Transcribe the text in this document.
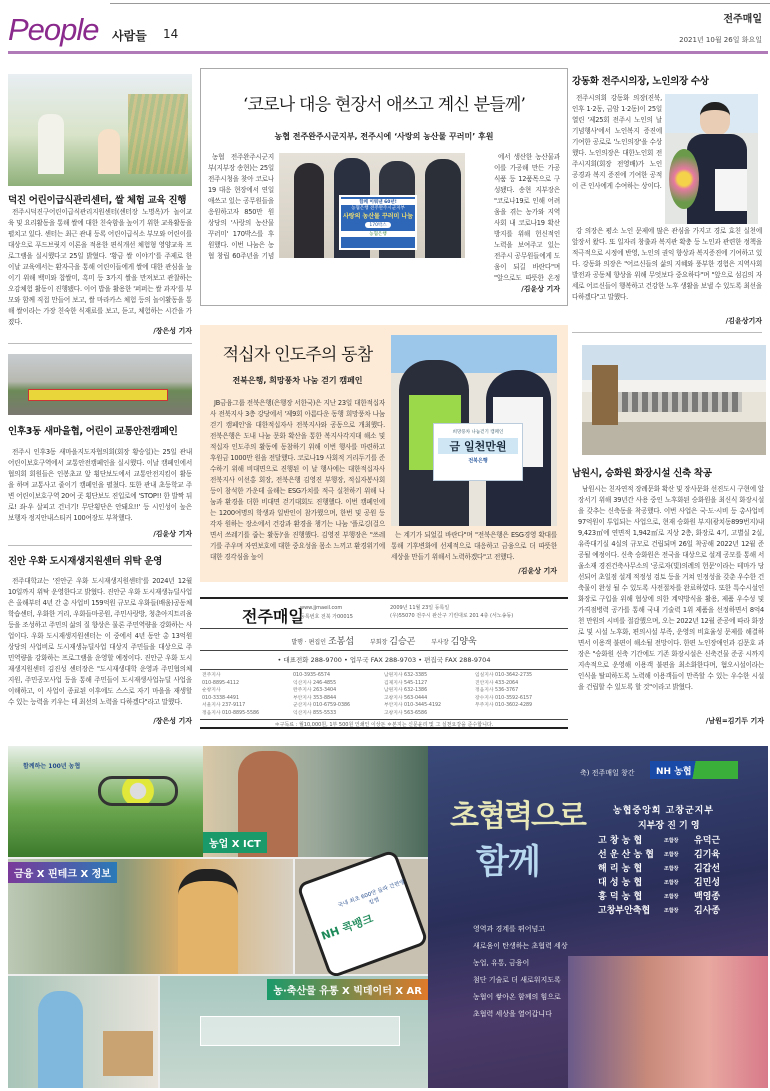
People 사람들 14
전주매일
2021년 10월 26일 화요일
덕진 어린이급식관리센터, 쌀 체험 교육 진행
전주시덕진구어린이급식관리지원센터(센터장 노명옥)가 놀이교육 및 요리활동을 통해 쌀에 대한 친숙함을 높이기 위한 교육활동을 펼치고 있다. 센터는 최근 관내 등록 어린이급식소 부모와 어린이를 대상으로 푸드브릿지 이론을 적용한 편식개선 체험형 영양교육 프로그램을 실시했다고 25일 밝혔다. '황금 쌀 이야기'를 주제로 한 이날 교육에서는 환자극을 통해 어린이들에게 쌀에 대한 관심을 높이기 위해 백미와 찹쌀미, 흑미 등 3가지 쌀을 만져보고 관찰하는 오감체험 활동이 진행됐다. 이어 밥을 활용한 '퍼퍼는 쌀 과자'를 부모와 함께 직접 만들어 보고, 쌀 마라카스 체험 등의 놀이활동을 통해 쌀이라는 가장 친숙한 식재료를 보고, 듣고, 체험하는 시간을 가졌다.
/장은성 기자
인후3동 새마을협, 어린이 교통안전캠페인
전주시 인후3동 새마을지도자협의회(회장 황승일)는 25일 관내 어린이보호구역에서 교통안전캠페인을 실시했다. 이날 캠페인에서 협의회 회원들은 인봉초교 앞 횡단보도에서 교통안전지킴이 활동을 하며 교통사고 줄이기 캠페인을 펼쳤다. 또한 관내 초등학교 주변 어린이보호구역 20여 곳 횡단보도 진입로에 'STOP!! 한 발짝 뒤로! 좌·우 살피고 건너기! 무단횡단은 안돼요!!' 등 시인성이 높은 보행자 정지안내스티커 100여장도 부착했다.
/김윤상 기자
진안 우화 도시재생지원센터 위탁 운영
전주대학교는 '진안군 우화 도시재생지원센터'를 2024년 12월 10일까지 위탁 운영한다고 밝혔다. 진안군 우화 도시재생뉴딜사업은 올해부터 4년 간 총 사업비 159억원 규모로 우화들(배움)공동체학습센터, 우화한 거리, 우화들마공원, 주민사랑방, 청춘아지트리움 등을 조성하고 주민의 삶의 질 향상은 물론 주민역량을 강화하는 사업이다. 우화 도시재생지원센터는 이 중에서 4년 동안 총 13억원 상당의 사업비로 도시재생뉴딜사업 대상지 주민들을 대상으로 주민역량을 강화하는 프로그램을 운영할 예정이다. 진안군 우화 도시재생지원센터 김진성 센터장은 "도시재생대학 운영과 주민협의체 지원, 주민공모사업 등을 통해 주민들이 도시재생사업뉴딜 사업을 이해하고, 이 사업이 종료된 이후에도 스스로 자기 마을을 재생할 수 있는 능력을 키우는 데 최선의 노력을 다하겠다"라고 말했다.
/장은성 기자
‘코로나 대응 현장서 애쓰고 계신 분들께’
농협 전주완주시군지부, 전주시에 ‘사랑의 농산물 꾸러미’ 후원
농협 전주완주시군지부(지부장 송현)는 25일 전주시청을 찾아 코로나19 대응 현장에서 연일 애쓰고 있는 공무원들을 응원하고자 850만 원 상당의 '사랑의 농산물 꾸러미' 170박스를 후원했다. 이번 나눔은 농협 창립 60주년을 기념
함께 이뤄낸 60년!
농협은행 전주완주시군지부
사랑의 농산물 꾸러미 나눔
170박스
농협은행
에서 생산한 농산물과 이를 가공해 만든 가공식품 등 12품목으로 구성됐다. 송현 지부장은 "코로나19로 인해 어려움을 겪는 농가와 지역사회 내 코로나19 확산 방지를 위해 헌신적인 노력을 보여주고 있는 전주시 공무원들에게 도움이 되길 바란다"며 "앞으로도 따뜻한 온정
/김윤상 기자
적십자 인도주의 동참
전북은행, 희망풍차 나눔 걷기 캠페인
JB금융그룹 전북은행(은행장 서한국)은 지난 23일 대한적십자사 전북지사 3층 강당에서 '제9회 아름다운 동행 희망풍차 나눔 걷기 캠페인'을 대한적십자사 전북지사와 공동으로 개최했다. 전북은행은 도내 나눔 문화 확산을 통한 복지사각지대 해소 및 적십자 인도주의 활동에 동참하기 위해 이번 행사를 마련하고 후원금 1000만 원을 전달했다. 코로나19 사회적 거리두기를 준수하기 위해 비대면으로 진행된 이 날 행사에는 대한적십자사 전북지사 이선홍 회장, 전북은행 김영진 부행장, 적십자봉사회 등이 참석한 가운데 올해는 ESG가치를 적극 실천하기 위해 나눔과 환경을 더한 비대면 걷기대회도 진행했다. 이번 캠페인에는 1200여명의 학생과 일반인이 참가했으며, 한번 및 공원 등 각자 원하는 장소에서 건강과 환경을 챙기는 나눔 '플로깅(걸으면서 쓰레기를 줍는 활동)'을 진행했다. 김영진 부행장은 "쓰레기를 주우며 자연보호에 대한 중요성을 몸소 느끼고 환경위기에 대한 경각심을 높이
희망풍차 나눔걷기 캠페인
금 일천만원
전북은행
는 계기가 되었길 바란다"며 "전북은행은 ESG경영 확대를 통해 기후변화에 선제적으로 대응하고 금융으로 더 따뜻한 세상을 만들기 위해서 노력하겠다"고 전했다.
/김윤상 기자
전주매일
www.jjmaeil.com
등록번호 전북 가00015
2009년 11월 23일 등록일
(우)55070 전주시 완산구 기린대로 201 4층 (서노송동)
발행 · 편집인 조봉섭	부회장 김승곤	부사장 김양욱
• 대표전화 288-9700 • 업무국 FAX 288-9703 • 편집국 FAX 288-9704
전주지사	010-3935-6574	남원지사 632-3385	임실지사 010-3642-2735
010-8895-4112	익산지사 246-4855	김제지사 545-1127	진안지사 433-2064
순창지사	완주지사 263-3404	남원지사 632-1386	정읍지사 536-3767
010-3338-4491	부안지사 353-8844	고창지사 563-0444	장수지사 010-3592-6157
서울지사 237-9117	군산지사 010-6759-0386	부안지사 010-3445-4192	무주지사 010-3602-4289
정읍지사 010-8895-5586	익산지사 855-5533	고창지사 563-6586
＊구독료 : 월10,000원, 1부 500원 인쇄인 이상돈 ＊본지는 신문윤리 및 그 실천요강을 준수합니다.
강동화 전주시의장, 노인의장 수상
전주시의회 강동화 의장(진북, 인후 1·2동, 금암 1·2동)이 25일 열린 '제25회 전주시 노인의 날 기념행사'에서 노인복지 증진에 기여한 공로로 '노인의장'을 수상했다. 노인의장은 대한노인회 전주시지회(회장 전영배)가 노인 공경과 복지 증진에 기여한 공적이 큰 인사에게 수여하는 상이다.
강 의장은 평소 노인 문제에 많은 관심을 가지고 경로 효친 실천에 앞장서 왔다. 또 일자리 창출과 복지관 확충 등 노인과 관련한 정책을 적극적으로 시정에 반영, 노인의 권익 향상과 복지증진에 기여하고 있다. 강동화 의장은 "어르신들의 삶의 지혜와 풍부한 경험은 지역사회 발전과 공동체 향상을 위해 무엇보다 중요하다"며 "앞으로 섬김의 자세로 어르신들이 행복하고 건강한 노후 생활을 보낼 수 있도록 최선을 다하겠다"고 말했다.
/김윤상기자
남원시, 승화원 화장시설 신축 착공
남원시는 친자연적 장례문화 확산 및 장사문화 선진도시 구현에 앞장서기 위해 39년간 사용 중인 노후화된 승화원을 최신식 화장시설을 갖추는 신축동을 착공했다. 이번 사업은 국·도·시비 등 총사업비 97억원이 투입되는 사업으로, 현재 승화원 부지(광치동899번지)내 9,423㎡에 연면적 1,942㎡로 지상 2층, 화장로 4기, 고별실 2실, 유족대기실 4실의 규모로 건립되며 26일 착공해 2022년 12월 준공될 예정이다. 신축 승화원은 전국을 대상으로 설계 공모를 통해 서울소재 경진건축사무소의 '공로자(빛)의례의 헌문'이라는 테마가 당선되어 초일점 설계 적정성 검토 등을 거쳐 인정성을 갖춘 우수한 건축물이 완성 될 수 있도록 사전절차를 완료하였다. 또한 특수시설인 화장로 구입을 위해 협상에 의한 계약방식을 활용, 제품 우수성 및 가격점병력 공가를 통해 국내 기술력 1위 제품을 선정하면서 8억4천 만원의 시비를 절감했으며, 오는 2022년 12월 준공에 따라 화장로 및 시설 노후화, 편의시설 부족, 운영의 비효율성 문제를 해결하면서 이용객 불편이 해소될 전망이다. 한편 노인장애인과 김문호 과장은 "승화원 신축 기간에도 기존 화장시설은 신축건물 준공 시까지 지속적으로 운영해 이용객 불편을 최소화한다며, 혐오시설이라는 인식을 탈피하도록 노력해 이용객들이 만족할 수 있는 우수한 시설을 건립할 수 있도록 할 것"이라고 밝혔다.
/남원=김기두 기자
함께하는 100년 농협
농업 X ICT
금융 X 핀테크 X 정보
국내 최초 600만 돌파 간편뱅킹앱
NH 콕뱅크
농·축산물 유통 X 빅데이터 X AR
축) 전주매일 창간	NH 농협
초협력으로
함께
농협중앙회 고창군지부
지부장 진 기 영
고 창 농 협	조합장	유덕근
선 운 산 농 협	조합장	김기육
해 리 농 협	조합장	김갑선
대 성 농 협	조합장	김민성
흥 덕 농 협	조합장	백영종
고창부안축협	조합장	김사종
영역과 경계를 뛰어넘고
새로움이 탄생하는 초협력 세상
농업, 유통, 금융이
첨단 기술로 더 새로워지도록
농협이 쌓아온 함께의 힘으로
초협력 세상을 열어갑니다
